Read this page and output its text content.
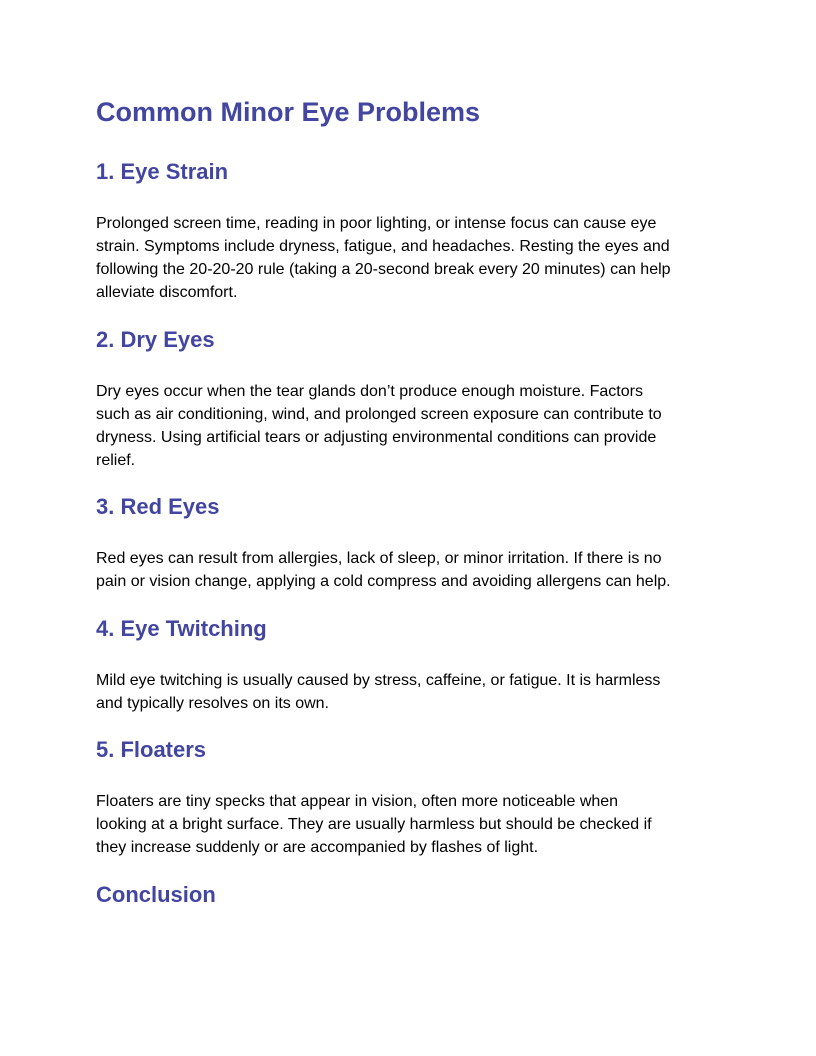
Common Minor Eye Problems
1. Eye Strain
Prolonged screen time, reading in poor lighting, or intense focus can cause eye
strain. Symptoms include dryness, fatigue, and headaches. Resting the eyes and
following the 20-20-20 rule (taking a 20-second break every 20 minutes) can help
alleviate discomfort.
2. Dry Eyes
Dry eyes occur when the tear glands don’t produce enough moisture. Factors
such as air conditioning, wind, and prolonged screen exposure can contribute to
dryness. Using artificial tears or adjusting environmental conditions can provide
relief.
3. Red Eyes
Red eyes can result from allergies, lack of sleep, or minor irritation. If there is no
pain or vision change, applying a cold compress and avoiding allergens can help.
4. Eye Twitching
Mild eye twitching is usually caused by stress, caffeine, or fatigue. It is harmless
and typically resolves on its own.
5. Floaters
Floaters are tiny specks that appear in vision, often more noticeable when
looking at a bright surface. They are usually harmless but should be checked if
they increase suddenly or are accompanied by flashes of light.
Conclusion
